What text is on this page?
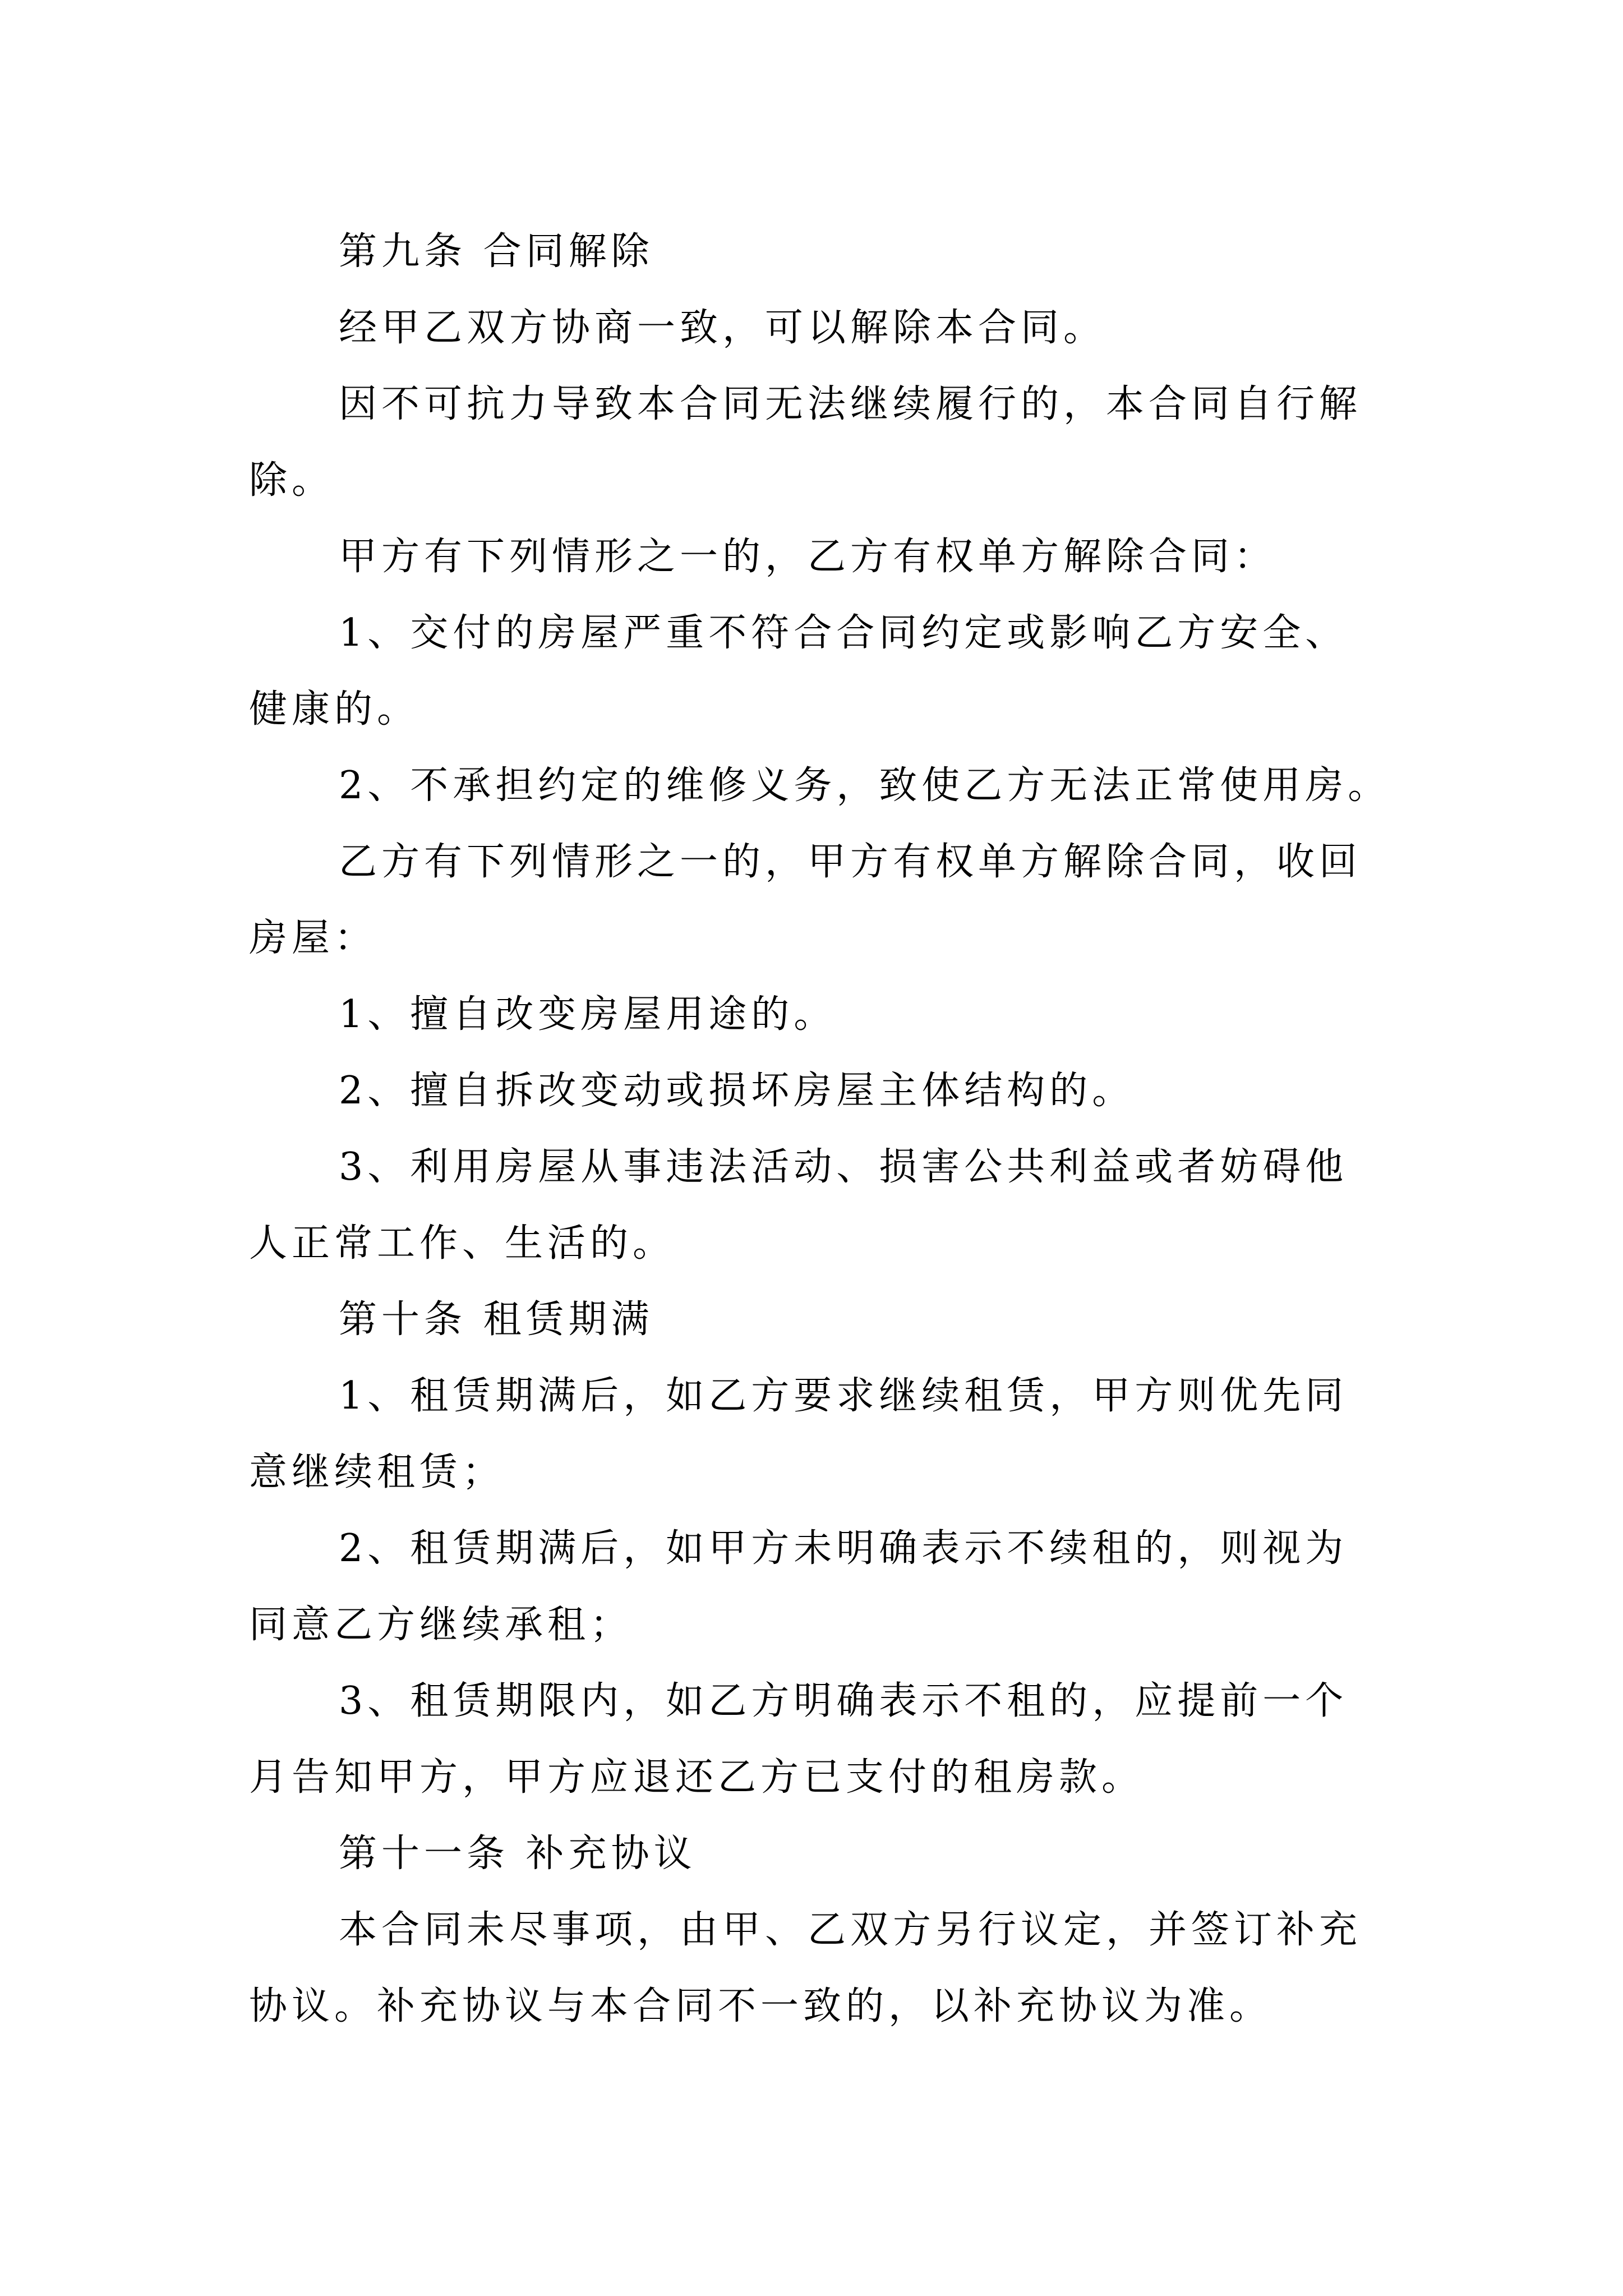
第九条 合同解除

经甲乙双方协商一致，可以解除本合同。

因不可抗力导致本合同无法继续履行的，本合同自行解

除。

甲方有下列情形之一的，乙方有权单方解除合同：

1、交付的房屋严重不符合合同约定或影响乙方安全、

健康的。

2、不承担约定的维修义务，致使乙方无法正常使用房。

乙方有下列情形之一的，甲方有权单方解除合同，收回

房屋：

1、擅自改变房屋用途的。

2、擅自拆改变动或损坏房屋主体结构的。

3、利用房屋从事违法活动、损害公共利益或者妨碍他

人正常工作、生活的。

第十条 租赁期满

1、租赁期满后，如乙方要求继续租赁，甲方则优先同

意继续租赁；

2、租赁期满后，如甲方未明确表示不续租的，则视为

同意乙方继续承租；

3、租赁期限内，如乙方明确表示不租的，应提前一个

月告知甲方，甲方应退还乙方已支付的租房款。

第十一条 补充协议

本合同未尽事项，由甲、乙双方另行议定，并签订补充

协议。补充协议与本合同不一致的，以补充协议为准。
